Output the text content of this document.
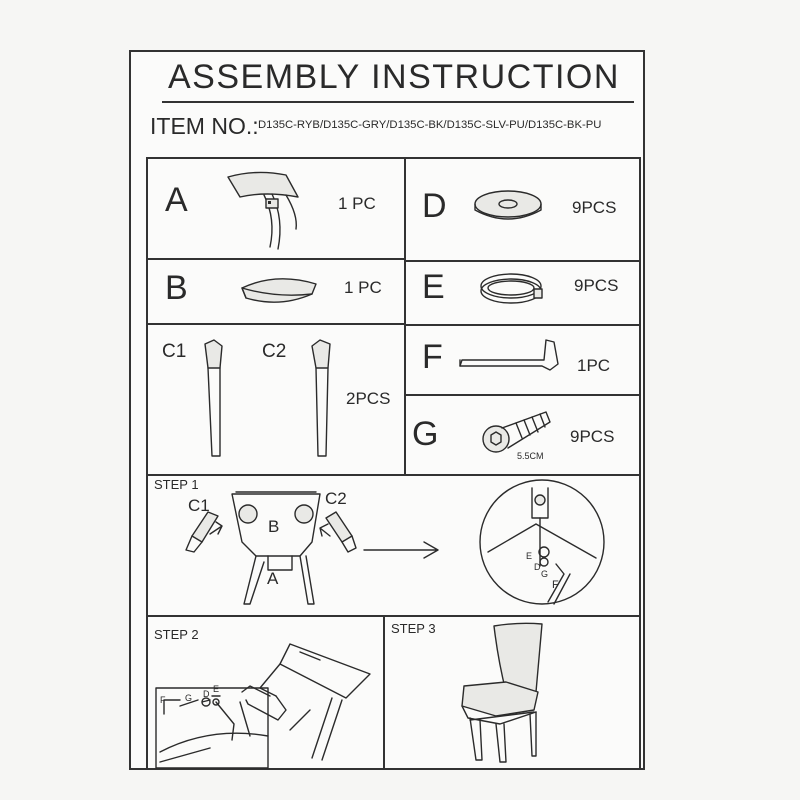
ASSEMBLY INSTRUCTION
ITEM NO.: D135C-RYB/D135C-GRY/D135C-BK/D135C-SLV-PU/D135C-BK-PU
A	1 PC
B	1 PC
C1	C2
2PCS
D	9PCS
E	9PCS
F	1PC
G	9PCS
5.5CM
STEP 1
C1	C2
B
A
E
D
G
F
STEP 2
F G D E
STEP 3
